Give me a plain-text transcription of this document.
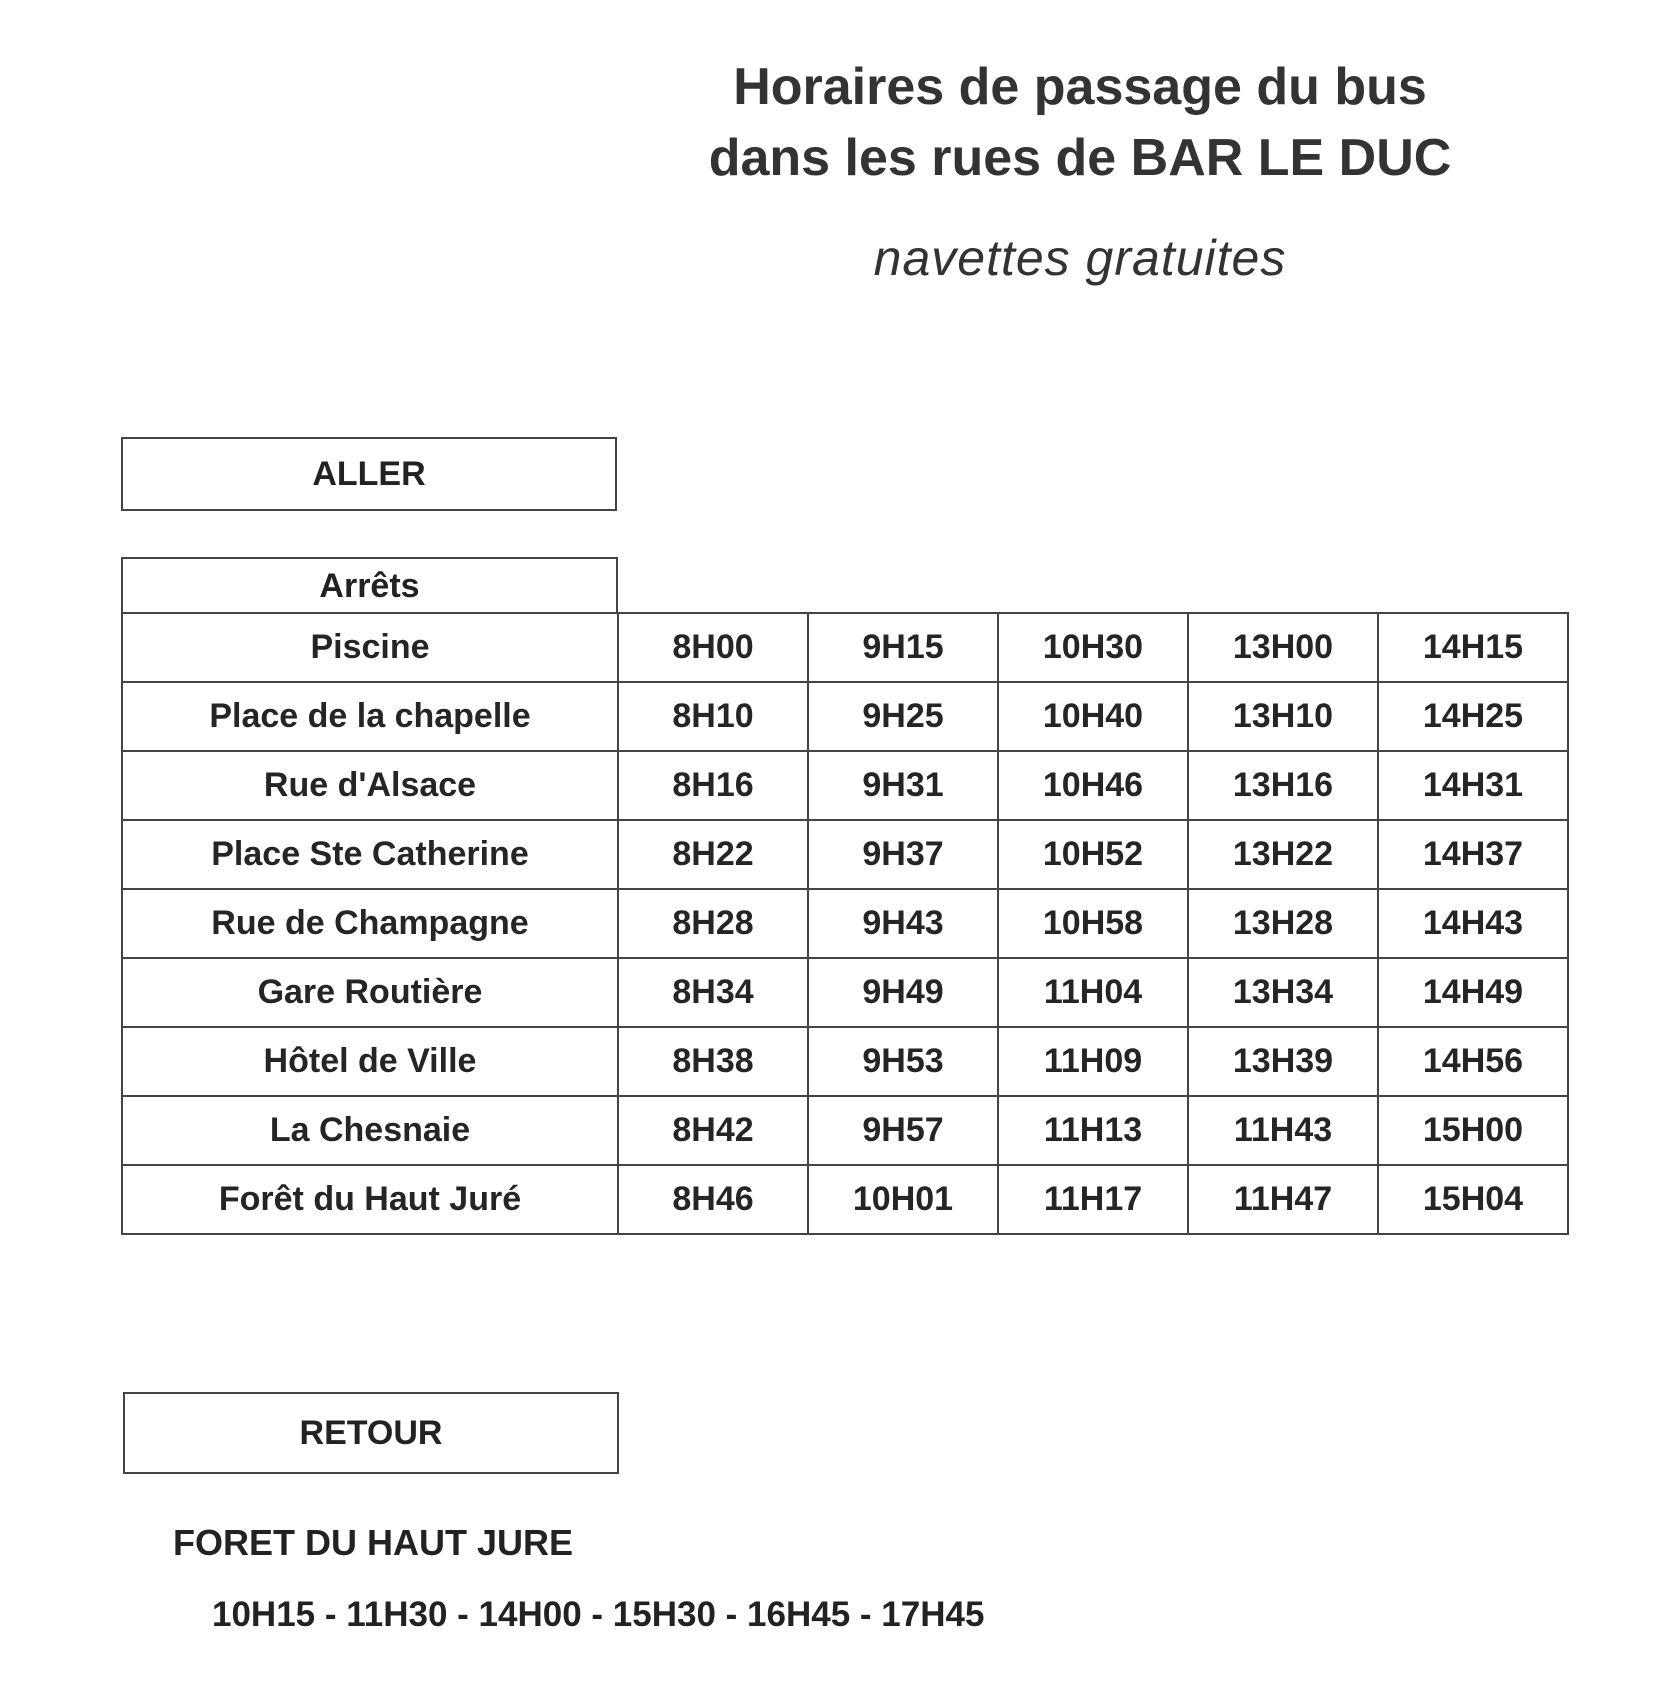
Horaires de passage du bus
dans les rues de BAR LE DUC
navettes gratuites
ALLER
Arrêts
Piscine	8H00	9H15	10H30	13H00	14H15
Place de la chapelle	8H10	9H25	10H40	13H10	14H25
Rue d'Alsace	8H16	9H31	10H46	13H16	14H31
Place Ste Catherine	8H22	9H37	10H52	13H22	14H37
Rue de Champagne	8H28	9H43	10H58	13H28	14H43
Gare Routière	8H34	9H49	11H04	13H34	14H49
Hôtel de Ville	8H38	9H53	11H09	13H39	14H56
La Chesnaie	8H42	9H57	11H13	11H43	15H00
Forêt du Haut Juré	8H46	10H01	11H17	11H47	15H04
RETOUR
FORET DU HAUT JURE
10H15 - 11H30 - 14H00 - 15H30 - 16H45 - 17H45
